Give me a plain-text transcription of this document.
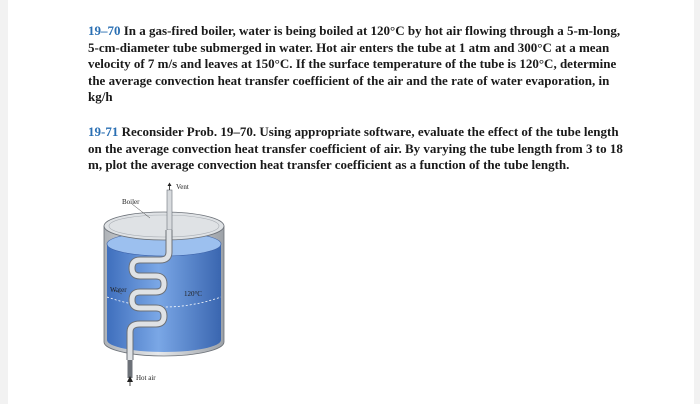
19–70 In a gas-fired boiler, water is being boiled at 120°C by hot air flowing through a 5-m-long, 5-cm-diameter tube submerged in water. Hot air enters the tube at 1 atm and 300°C at a mean velocity of 7 m/s and leaves at 150°C. If the surface temperature of the tube is 120°C, determine the average convection heat transfer coefficient of the air and the rate of water evaporation, in kg/h
19-71 Reconsider Prob. 19–70. Using appropriate software, evaluate the effect of the tube length on the average convection heat transfer coefficient of air. By varying the tube length from 3 to 18 m, plot the average convection heat transfer coefficient as a function of the tube length.
Vent
Boiler
Water	120°C
Hot air
